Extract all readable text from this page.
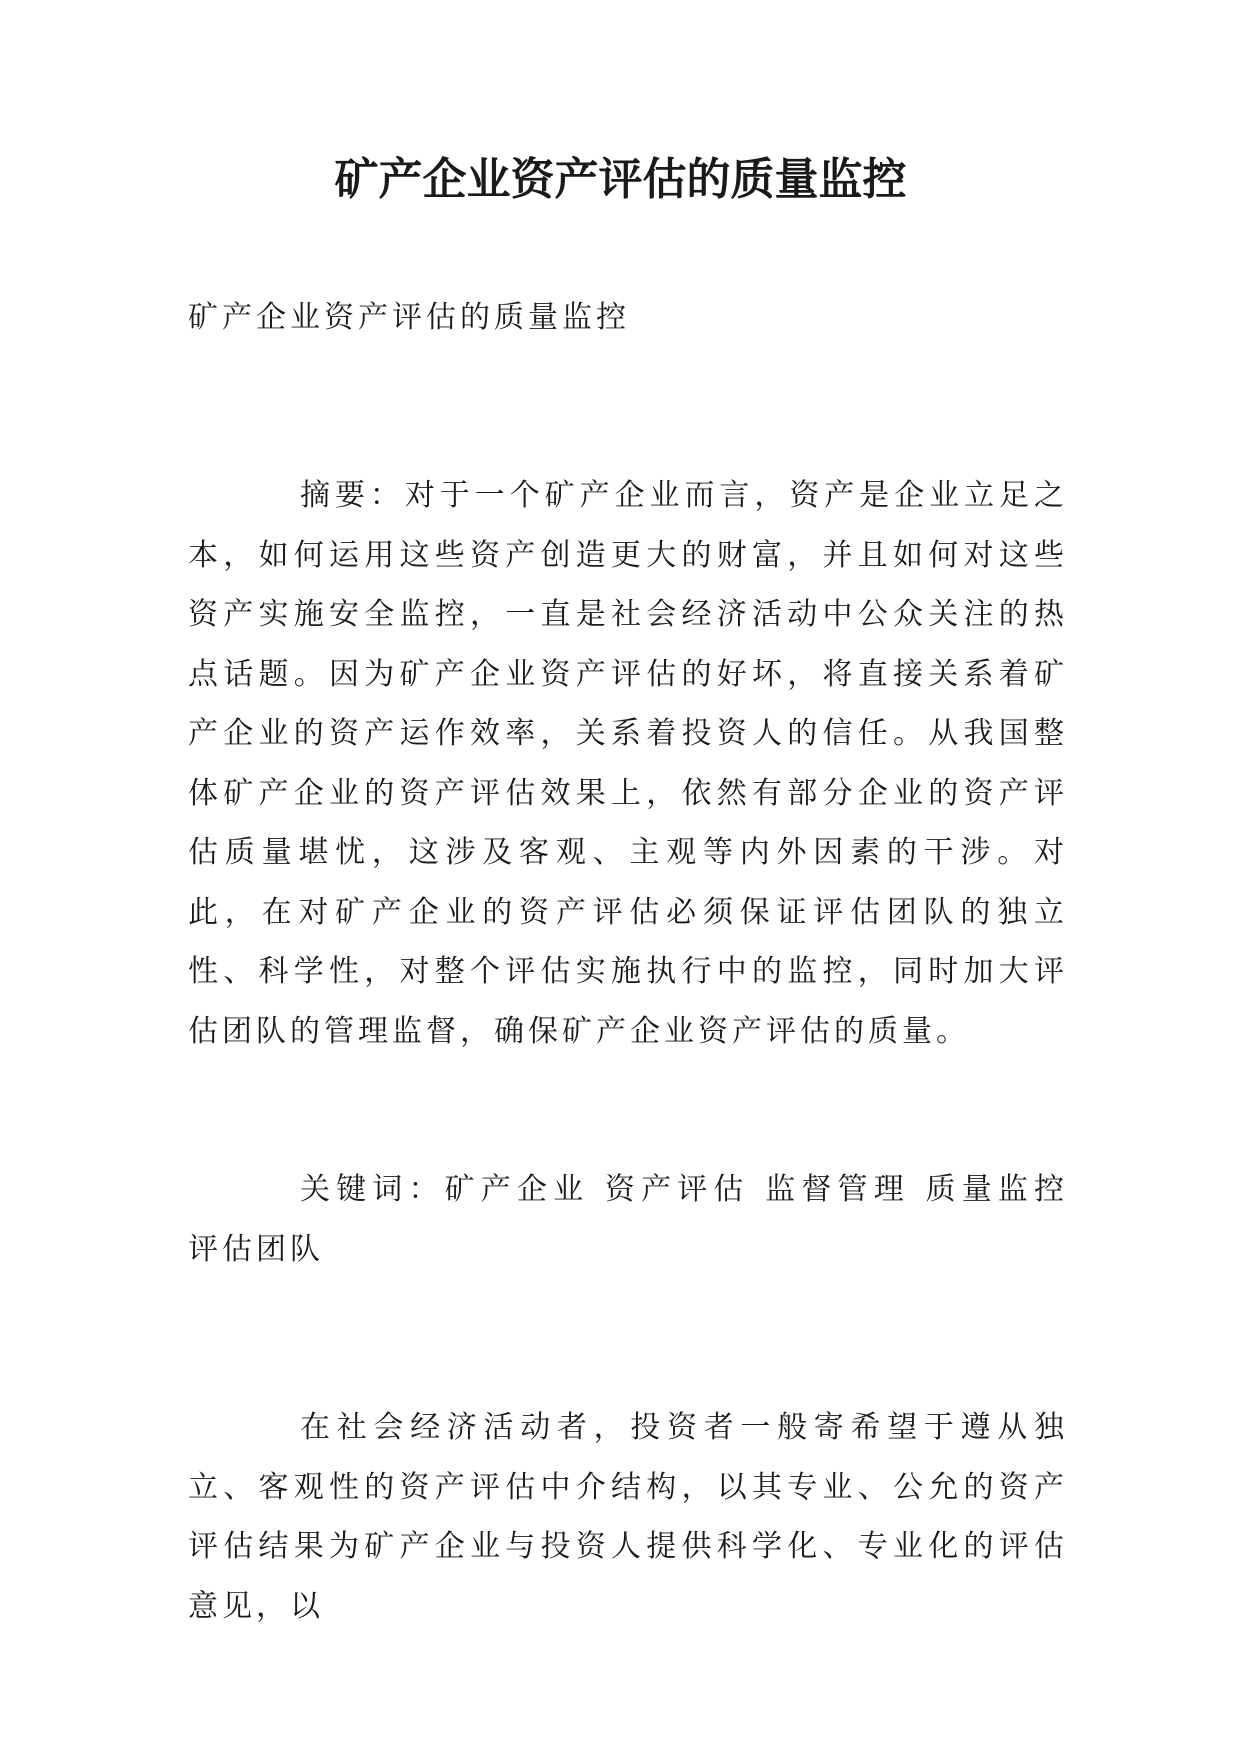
矿产企业资产评估的质量监控

矿产企业资产评估的质量监控

摘要：对于一个矿产企业而言，资产是企业立足之本，如何运用这些资产创造更大的财富，并且如何对这些资产实施安全监控，一直是社会经济活动中公众关注的热点话题。因为矿产企业资产评估的好坏，将直接关系着矿产企业的资产运作效率，关系着投资人的信任。从我国整体矿产企业的资产评估效果上，依然有部分企业的资产评估质量堪忧，这涉及客观、主观等内外因素的干涉。对此，在对矿产企业的资产评估必须保证评估团队的独立性、科学性，对整个评估实施执行中的监控，同时加大评估团队的管理监督，确保矿产企业资产评估的质量。

关键词：矿产企业 资产评估 监督管理 质量监控 评估团队

在社会经济活动者，投资者一般寄希望于遵从独立、客观性的资产评估中介结构，以其专业、公允的资产评估结果为矿产企业与投资人提供科学化、专业化的评估意见，以
